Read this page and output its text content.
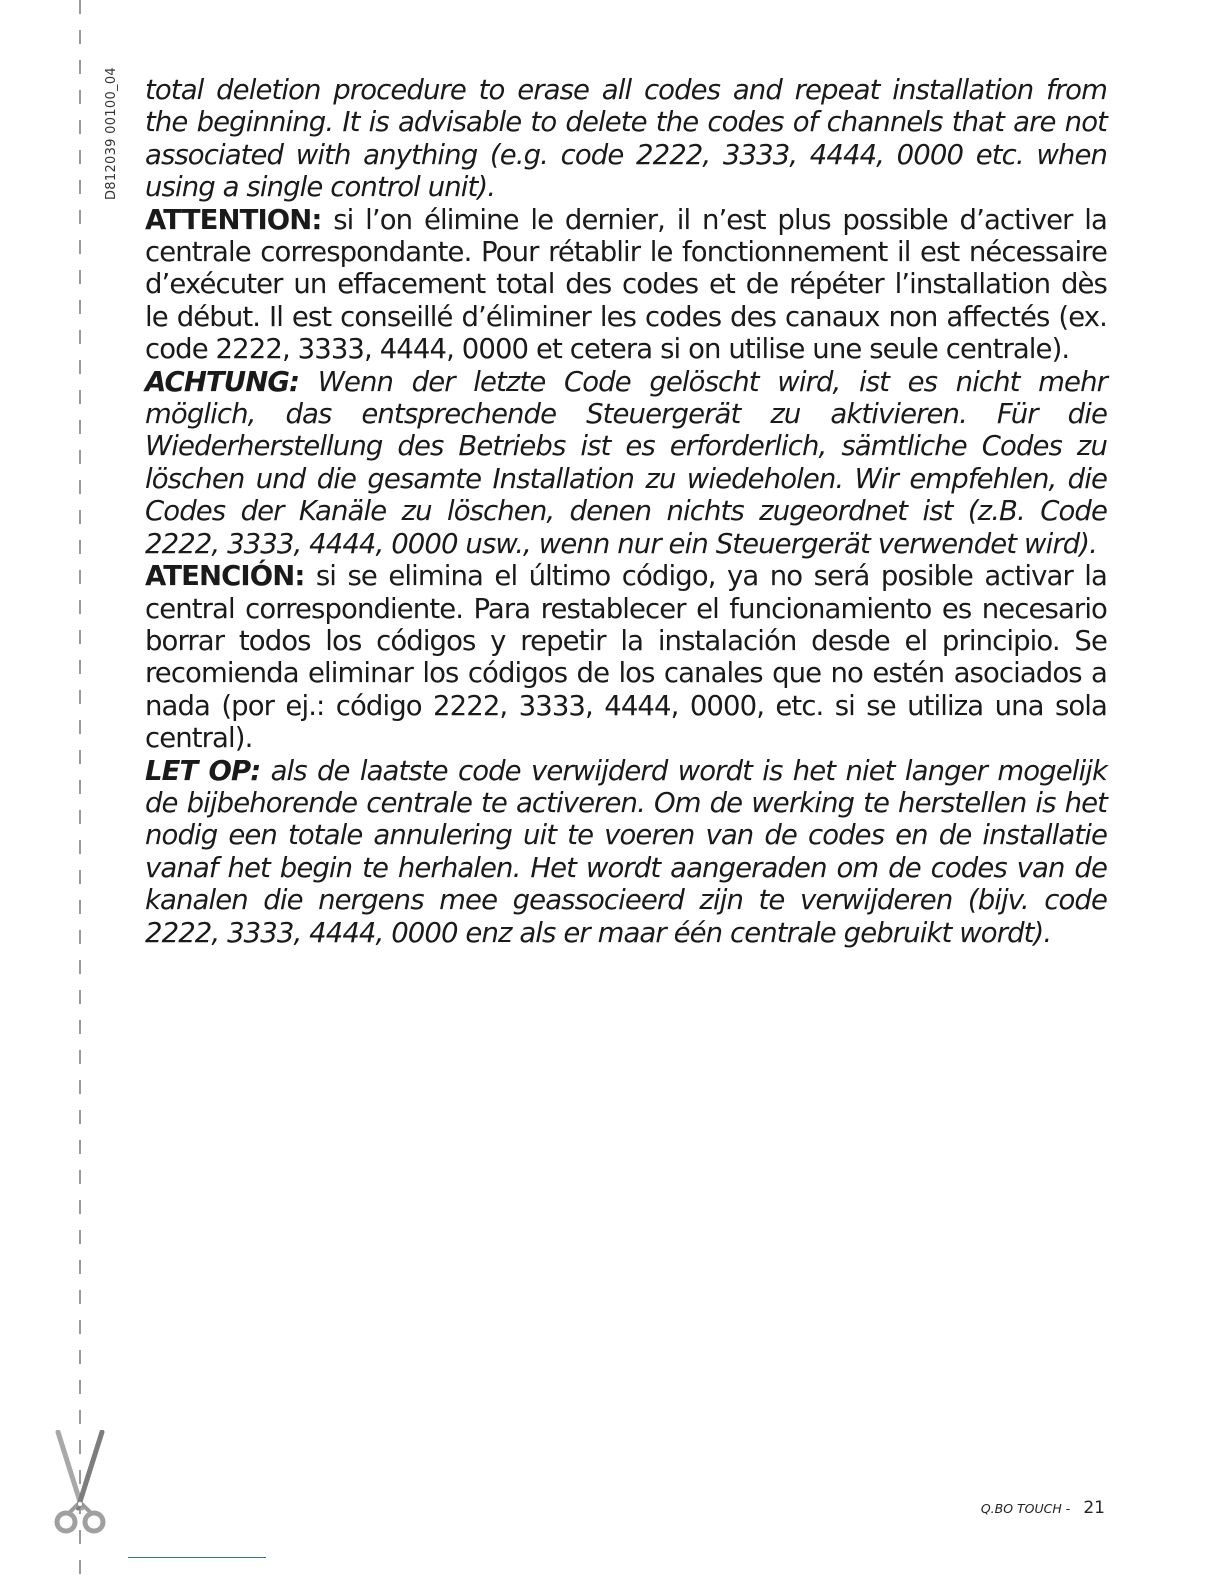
D812039 00100_04 total deletion procedure to erase all codes and repeat installation from the beginning. It is advisable to delete the codes of channels that are not associated with anything (e.g. code 2222, 3333, 4444, 0000 etc. when using a single control unit).

ATTENTION: si l’on élimine le dernier, il n’est plus possible d’activer la centrale correspondante. Pour rétablir le fonctionnement il est nécessaire d’exécuter un effacement total des codes et de répéter l’installation dès le début. Il est conseillé d’éliminer les codes des canaux non affectés (ex. code 2222, 3333, 4444, 0000 et cetera si on utilise une seule centrale).

ACHTUNG: Wenn der letzte Code gelöscht wird, ist es nicht mehr möglich, das entsprechende Steuergerät zu aktivieren. Für die Wiederherstellung des Betriebs ist es erforderlich, sämtliche Codes zu löschen und die gesamte Installation zu wiedeholen. Wir empfehlen, die Codes der Kanäle zu löschen, denen nichts zugeordnet ist (z.B. Code 2222, 3333, 4444, 0000 usw., wenn nur ein Steuergerät verwendet wird).

ATENCIÓN: si se elimina el último código, ya no será posible activar la central correspondiente. Para restablecer el funcionamiento es necesario borrar todos los códigos y repetir la instalación desde el principio. Se recomienda eliminar los códigos de los canales que no estén asociados a nada (por ej.: código 2222, 3333, 4444, 0000, etc. si se utiliza una sola central).

LET OP: als de laatste code verwijderd wordt is het niet langer mogelijk de bijbehorende centrale te activeren. Om de werking te herstellen is het nodig een totale annulering uit te voeren van de codes en de installatie vanaf het begin te herhalen. Het wordt aangeraden om de codes van de kanalen die nergens mee geassocieerd zijn te verwijderen (bijv. code 2222, 3333, 4444, 0000 enz als er maar één centrale gebruikt wordt).

Q.BO TOUCH - 21
